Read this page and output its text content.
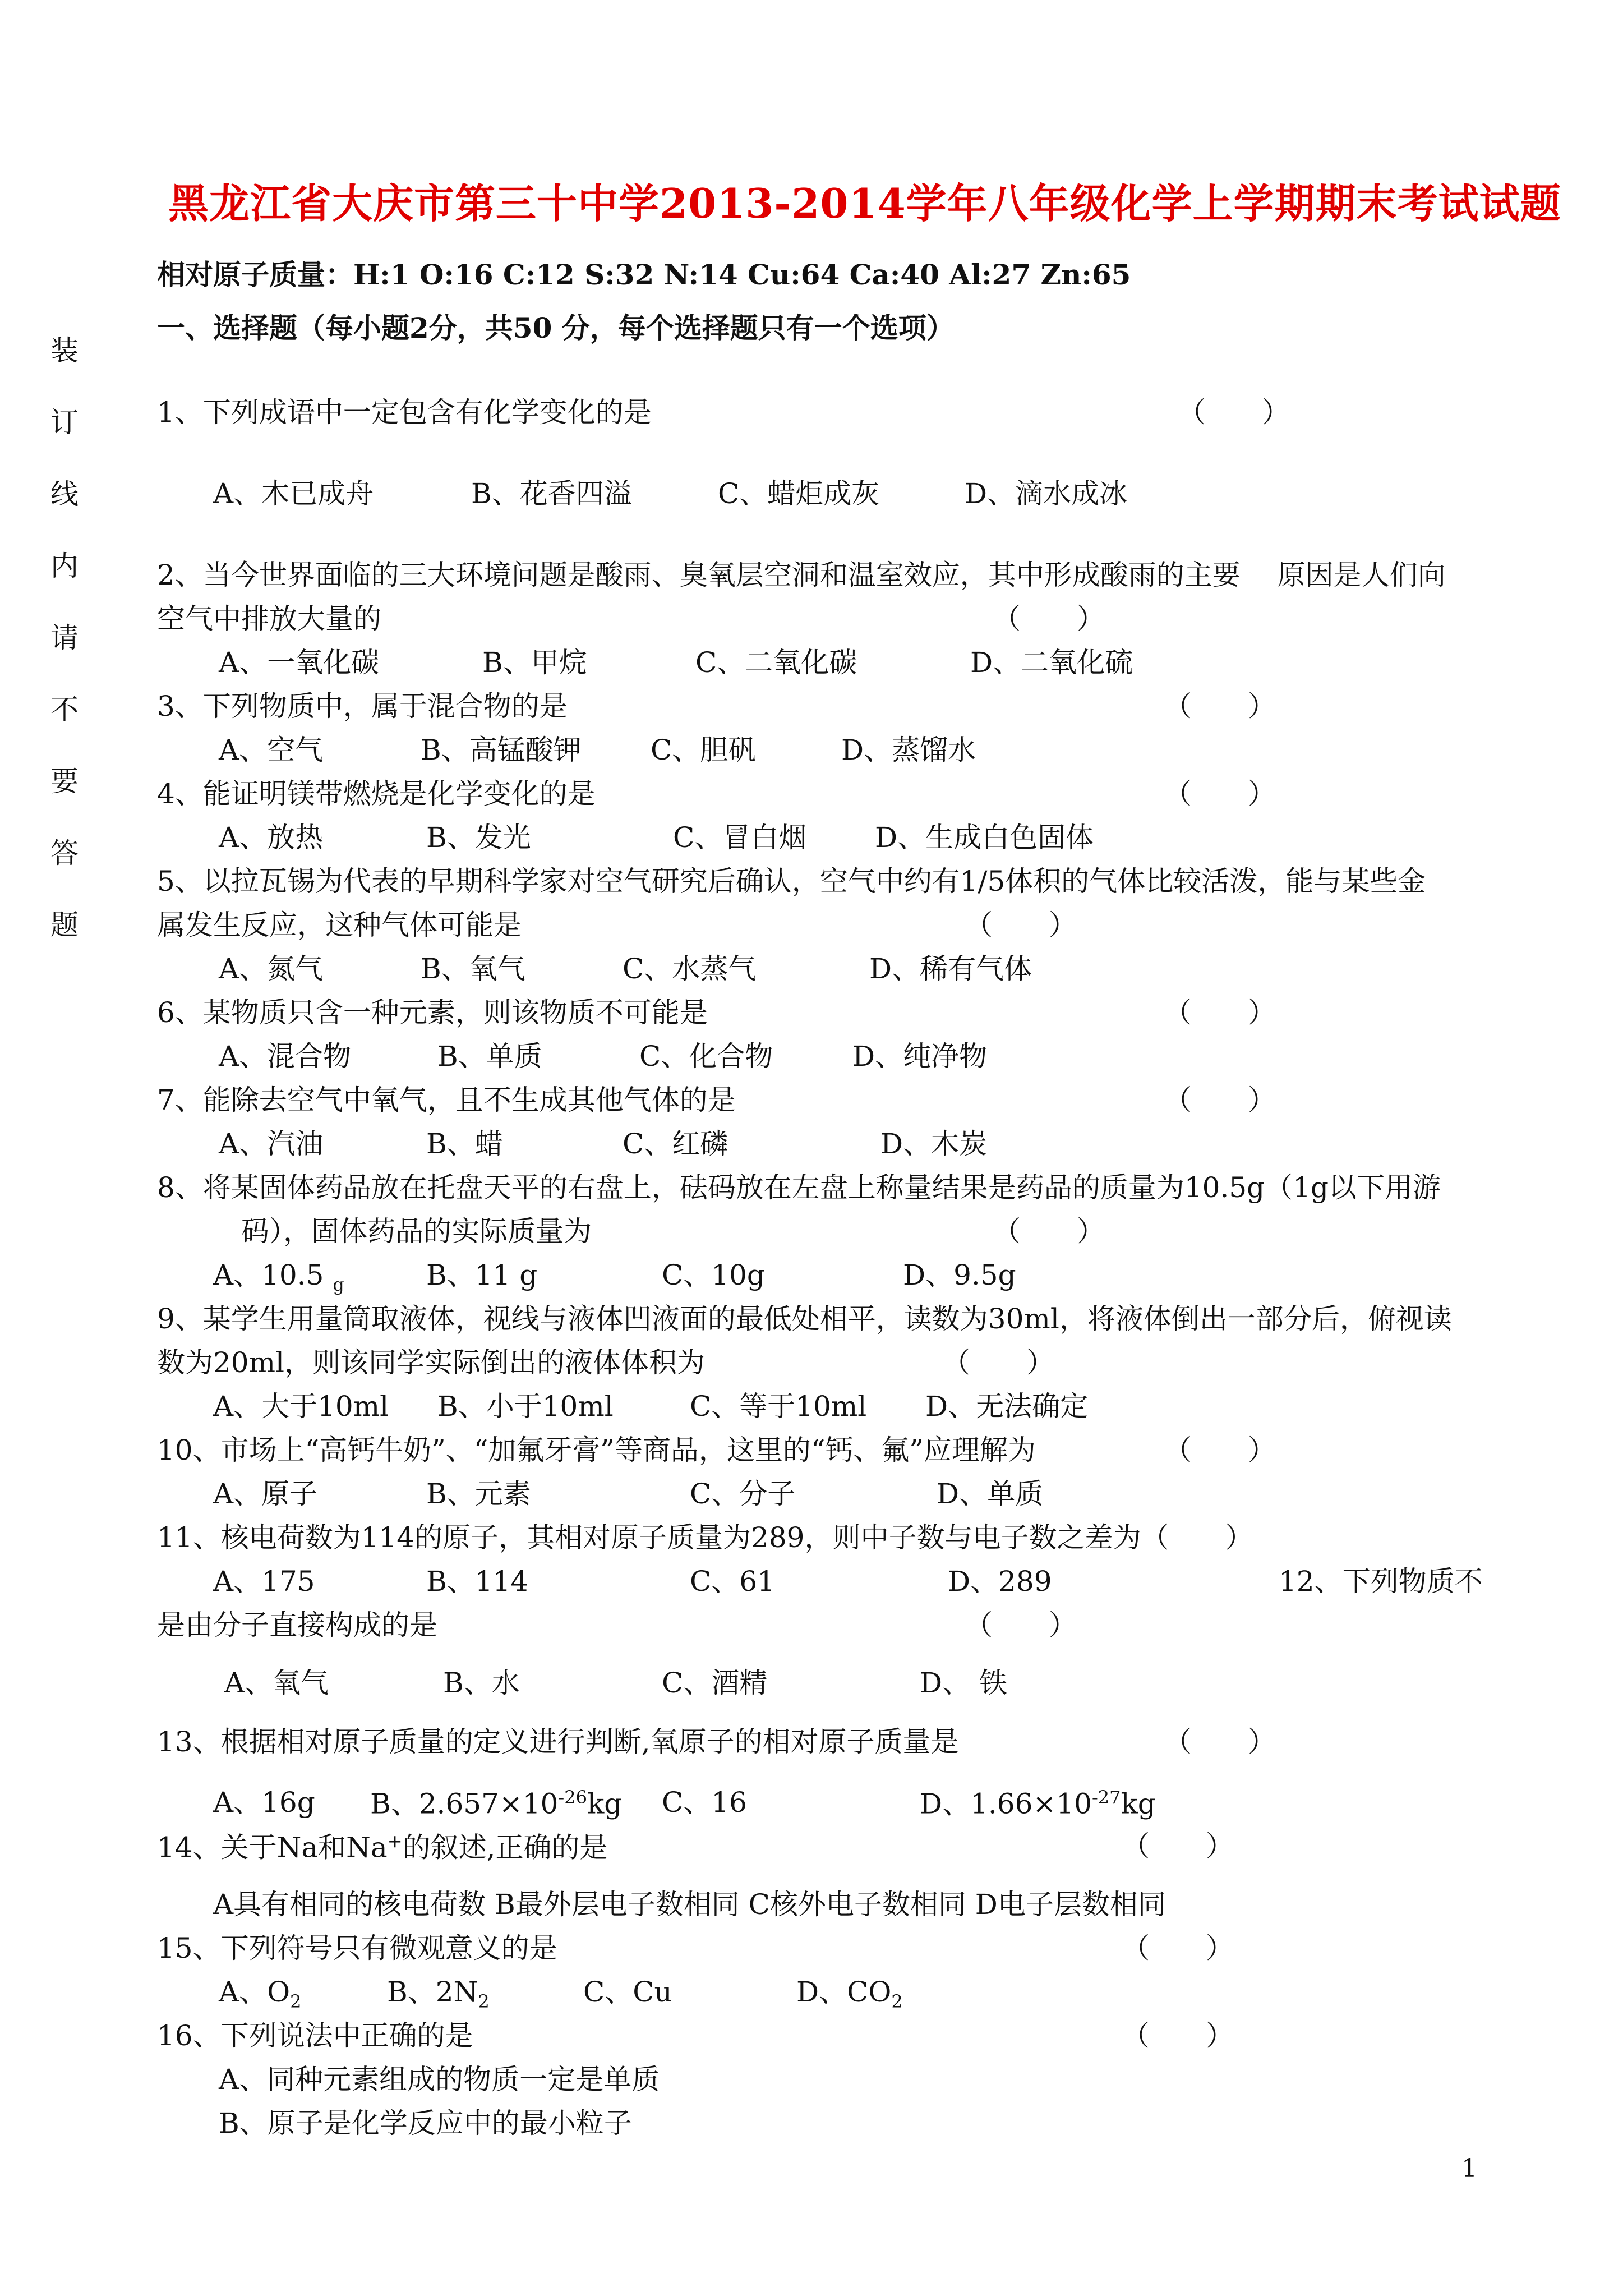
黑龙江省大庆市第三十中学2013-2014学年八年级化学上学期期末考试试题
相对原子质量：H:1 O:16 C:12 S:32 N:14 Cu:64 Ca:40 Al:27 Zn:65
一、选择题（每小题2分，共50 分，每个选择题只有一个选项）
装
订
线
内
请
不
要
答
题
1、下列成语中一定包含有化学变化的是	（　　）
A、木已成舟	B、花香四溢	C、蜡炬成灰	D、滴水成冰
2、当今世界面临的三大环境问题是酸雨、臭氧层空洞和温室效应，其中形成酸雨的主要　 原因是人们向
空气中排放大量的	（　　）
A、一氧化碳	B、甲烷	C、二氧化碳	D、二氧化硫
3、下列物质中，属于混合物的是	（　　）
A、空气	B、高锰酸钾 C、胆矾	D、蒸馏水
4、能证明镁带燃烧是化学变化的是	（　　）
A、放热	B、发光	C、冒白烟 D、生成白色固体
5、以拉瓦锡为代表的早期科学家对空气研究后确认，空气中约有1/5体积的气体比较活泼，能与某些金
属发生反应，这种气体可能是	（　　）
A、氮气	B、氧气	C、水蒸气	D、稀有气体
6、某物质只含一种元素，则该物质不可能是	（　　）
A、混合物	B、单质	C、化合物	D、纯净物
7、能除去空气中氧气，且不生成其他气体的是	（　　）
A、汽油	B、蜡	C、红磷	D、木炭
8、将某固体药品放在托盘天平的右盘上，砝码放在左盘上称量结果是药品的质量为10.5g（1g以下用游
码），固体药品的实际质量为	（　　）
A、10.5 $_g$	B、11 g	C、10g	D、9.5g
9、某学生用量筒取液体，视线与液体凹液面的最低处相平，读数为30ml，将液体倒出一部分后，俯视读
数为20ml，则该同学实际倒出的液体体积为	（　　）
A、大于10ml B、小于10ml	C、等于10ml D、无法确定
10、市场上“高钙牛奶”、“加氟牙膏”等商品，这里的“钙、氟”应理解为	（　　）
A、原子	B、元素	C、分子	D、单质
11、核电荷数为114的原子，其相对原子质量为289，则中子数与电子数之差为（　　）
A、175	B、114	C、61	D、289	12、下列物质不
是由分子直接构成的是	（　　）
A、氧气	B、水	C、酒精	D、 铁
13、根据相对原子质量的定义进行判断,氧原子的相对原子质量是	（　　）
A、16g B、$2.657\times 10^{-26}kg$ C、16	D、$1.66\times 10^{-27}kg$
14、关于Na和Na+的叙述,正确的是	（　　）
A具有相同的核电荷数 B最外层电子数相同 C核外电子数相同 D电子层数相同
15、下列符号只有微观意义的是	（　　）
A、$O_2$	B、$2N_2$	C、Cu	D、$CO_2$
16、下列说法中正确的是	（　　）
A、同种元素组成的物质一定是单质
B、原子是化学反应中的最小粒子
1
